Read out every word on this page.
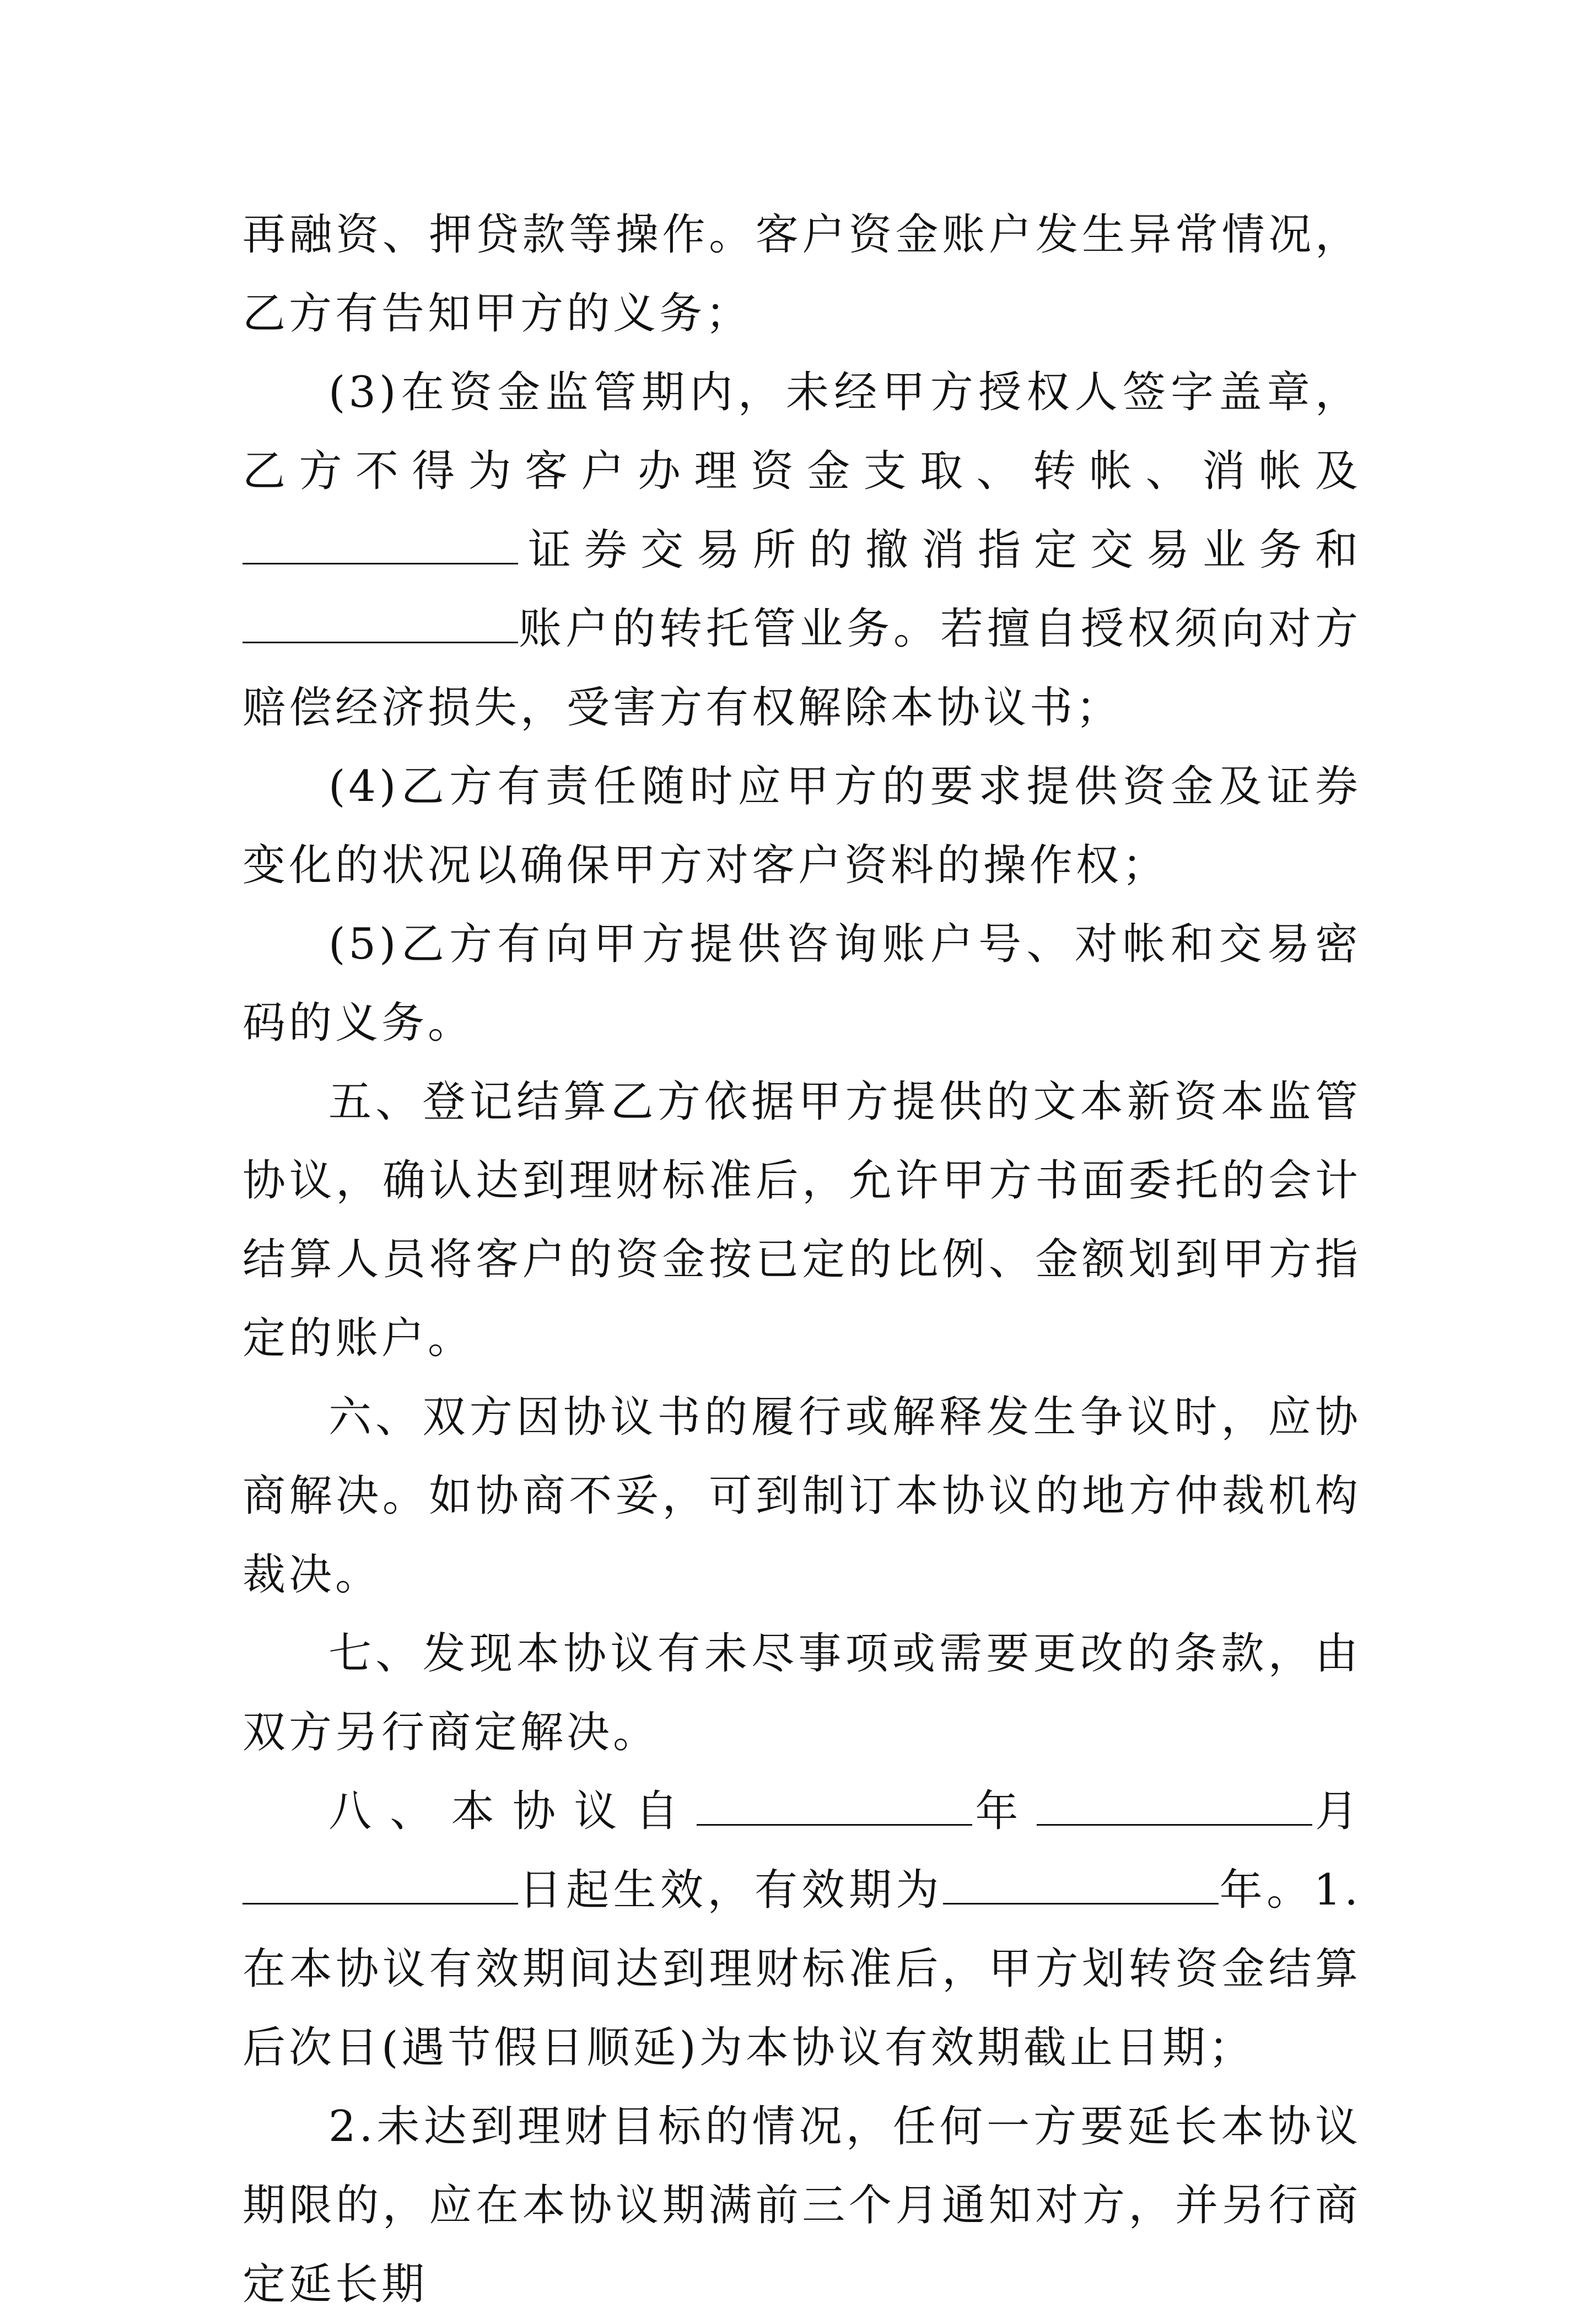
再融资、押贷款等操作。客户资金账户发生异常情况，乙方有告知甲方的义务；

(3)在资金监管期内，未经甲方授权人签字盖章，乙方不得为客户办理资金支取、转帐、消帐及证券交易所的撤消指定交易业务和账户的转托管业务。若擅自授权须向对方赔偿经济损失，受害方有权解除本协议书；

(4)乙方有责任随时应甲方的要求提供资金及证券变化的状况以确保甲方对客户资料的操作权；

(5)乙方有向甲方提供咨询账户号、对帐和交易密码的义务。

五、登记结算乙方依据甲方提供的文本新资本监管协议，确认达到理财标准后，允许甲方书面委托的会计结算人员将客户的资金按已定的比例、金额划到甲方指定的账户。

六、双方因协议书的履行或解释发生争议时，应协商解决。如协商不妥，可到制订本协议的地方仲裁机构裁决。

七、发现本协议有未尽事项或需要更改的条款，由双方另行商定解决。

八、本协议自	年	月日起生效，有效期为	年。1.在本协议有效期间达到理财标准后，甲方划转资金结算后次日(遇节假日顺延)为本协议有效期截止日期；

2.未达到理财目标的情况，任何一方要延长本协议期限的，应在本协议期满前三个月通知对方，并另行商定延长期
